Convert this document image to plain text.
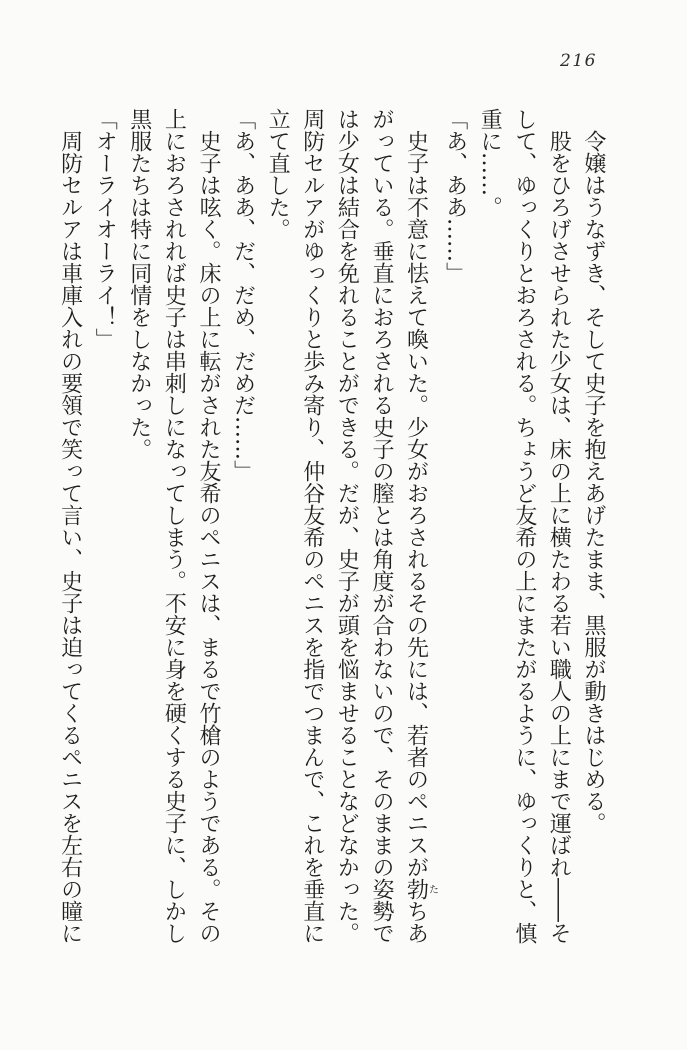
216
令嬢はうなずき、そして史子を抱えあげたまま、黒服が動きはじめる。
股をひろげさせられた少女は、床の上に横たわる若い職人の上にまで運ばれ――そ
して、ゆっくりとおろされる。ちょうど友希の上にまたがるように、ゆっくりと、慎
重に……。
「あ、ああ……」
史子は不意に怯えて喚いた。少女がおろされるその先には、若者のペニスが勃たちあ
がっている。垂直におろされる史子の膣とは角度が合わないので、そのままの姿勢で
は少女は結合を免れることができる。だが、史子が頭を悩ませることなどなかった。
周防セルアがゆっくりと歩み寄り、仲谷友希のペニスを指でつまんで、これを垂直に
立て直した。
「あ、ああ、だ、だめ、だめだ……」
史子は呟く。床の上に転がされた友希のペニスは、まるで竹槍のようである。その
上におろされれば史子は串刺しになってしまう。不安に身を硬くする史子に、しかし
黒服たちは特に同情をしなかった。
「オーライオーライ！」
周防セルアは車庫入れの要領で笑って言い、史子は迫ってくるペニスを左右の瞳に
